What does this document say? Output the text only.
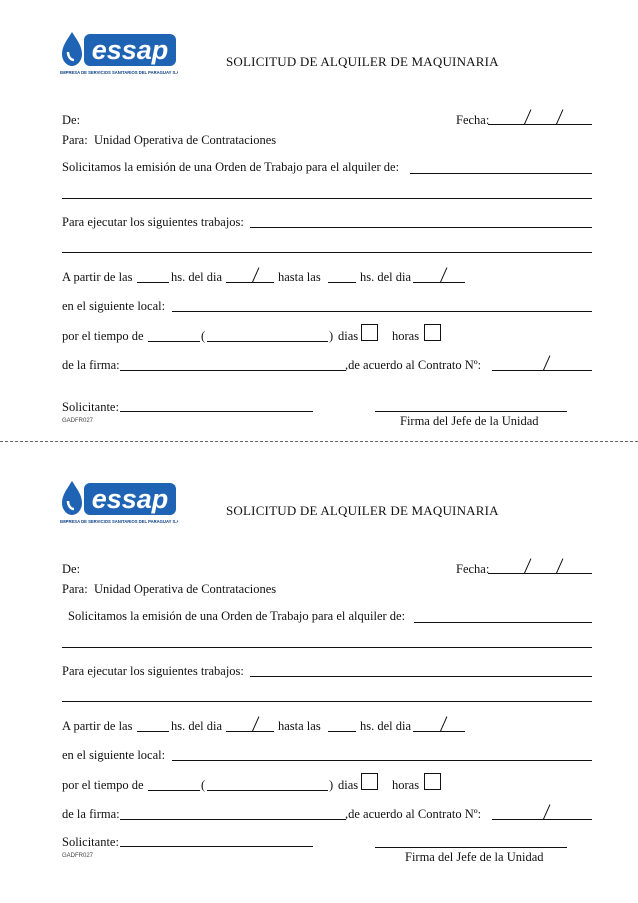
essap
EMPRESA DE SERVICIOS SANITARIOS DEL PARAGUAY S.A.
SOLICITUD DE ALQUILER DE MAQUINARIA
De:	Fecha:
Para: Unidad Operativa de Contrataciones
Solicitamos la emisión de una Orden de Trabajo para el alquiler de:
Para ejecutar los siguientes trabajos:
A partir de las	hs. del dia	hasta las	hs. del dia
en el siguiente local:
por el tiempo de	(	) dias	horas
de la firma:	,de acuerdo al Contrato Nº:
Solicitante:
GADFR027	Firma del Jefe de la Unidad
essap
EMPRESA DE SERVICIOS SANITARIOS DEL PARAGUAY S.A.
SOLICITUD DE ALQUILER DE MAQUINARIA
De:	Fecha:
Para: Unidad Operativa de Contrataciones
Solicitamos la emisión de una Orden de Trabajo para el alquiler de:
Para ejecutar los siguientes trabajos:
A partir de las	hs. del dia	hasta las	hs. del dia
en el siguiente local:
por el tiempo de	(	) dias	horas
de la firma:	,de acuerdo al Contrato Nº:
Solicitante:
GADFR027	Firma del Jefe de la Unidad
